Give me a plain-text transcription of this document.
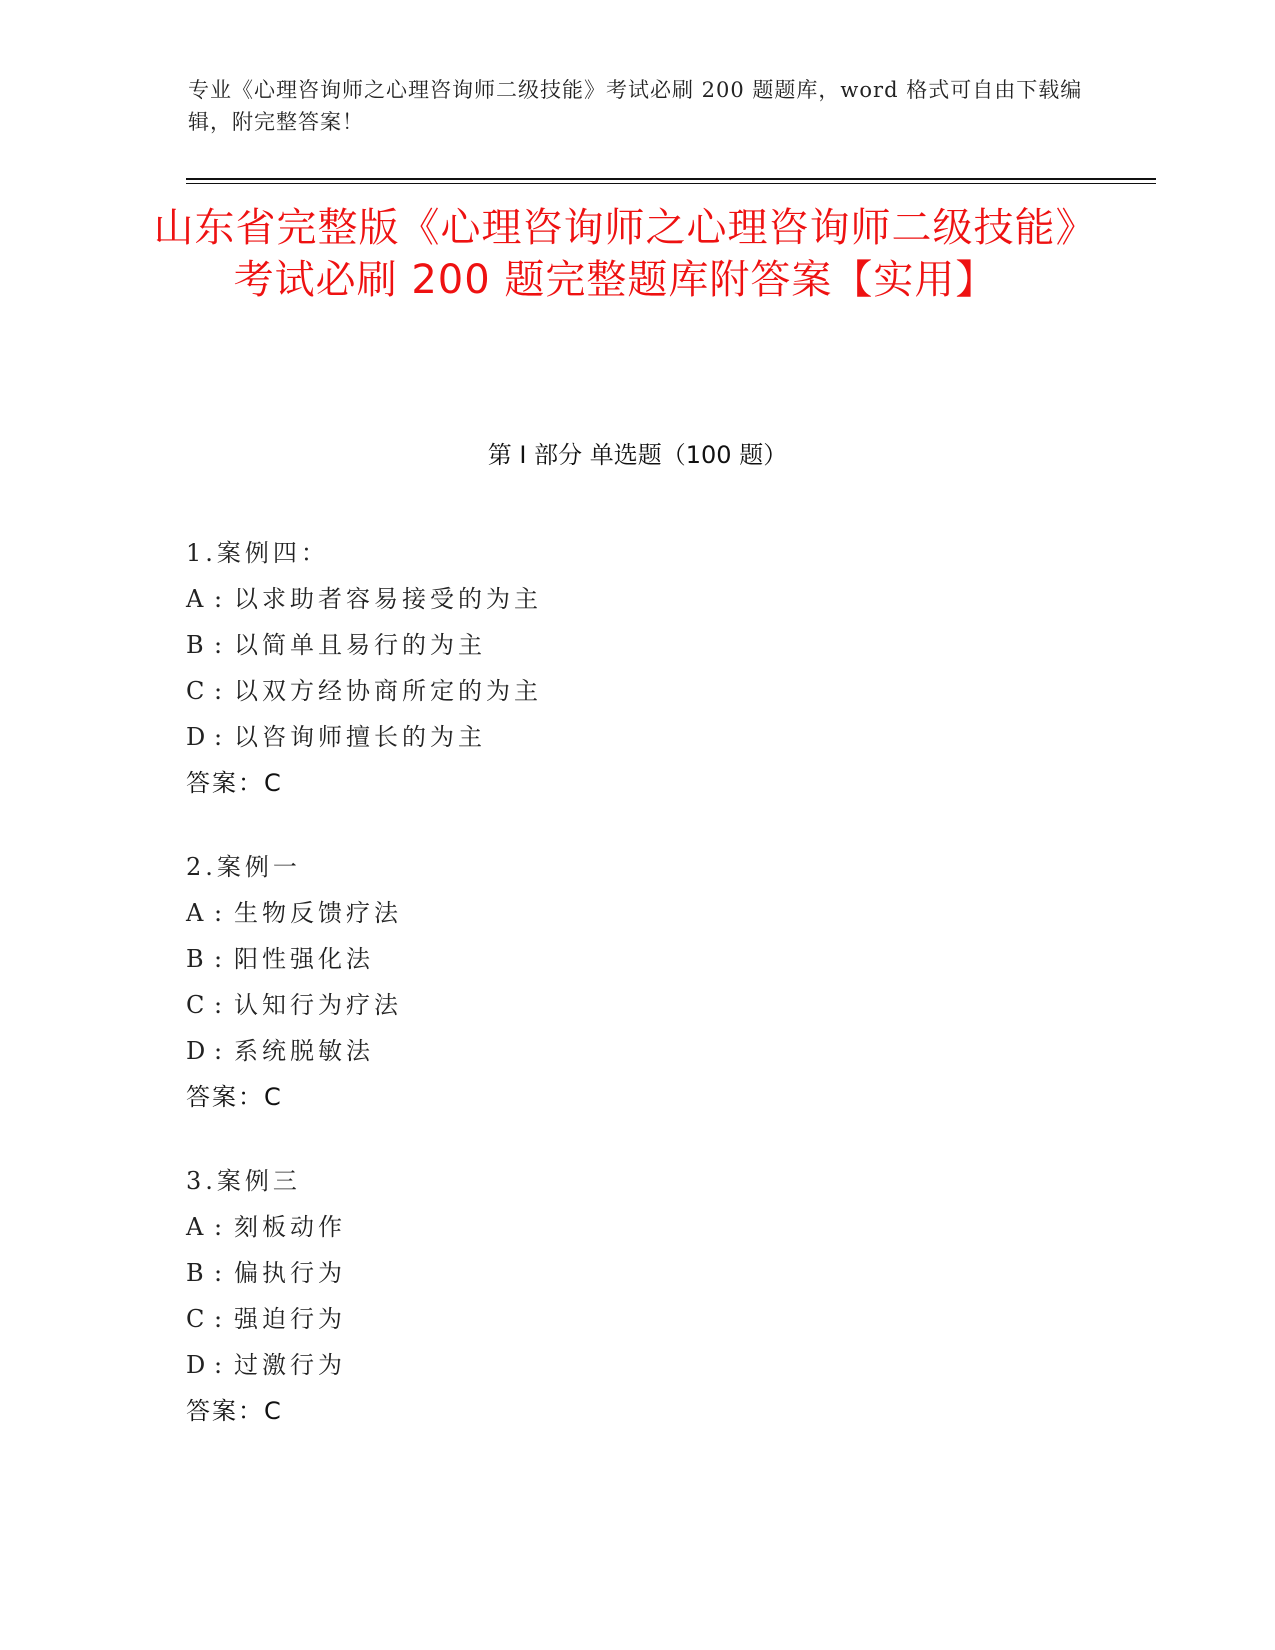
专业《心理咨询师之心理咨询师二级技能》考试必刷 200 题题库，word 格式可自由下载编辑，附完整答案！
山东省完整版《心理咨询师之心理咨询师二级技能》考试必刷 200 题完整题库附答案【实用】
第 I 部分 单选题（100 题）
1.案例四：
A : 以求助者容易接受的为主
B : 以简单且易行的为主
C : 以双方经协商所定的为主
D : 以咨询师擅长的为主
答案：C
2.案例一
A : 生物反馈疗法
B : 阳性强化法
C : 认知行为疗法
D : 系统脱敏法
答案：C
3.案例三
A : 刻板动作
B : 偏执行为
C : 强迫行为
D : 过激行为
答案：C
